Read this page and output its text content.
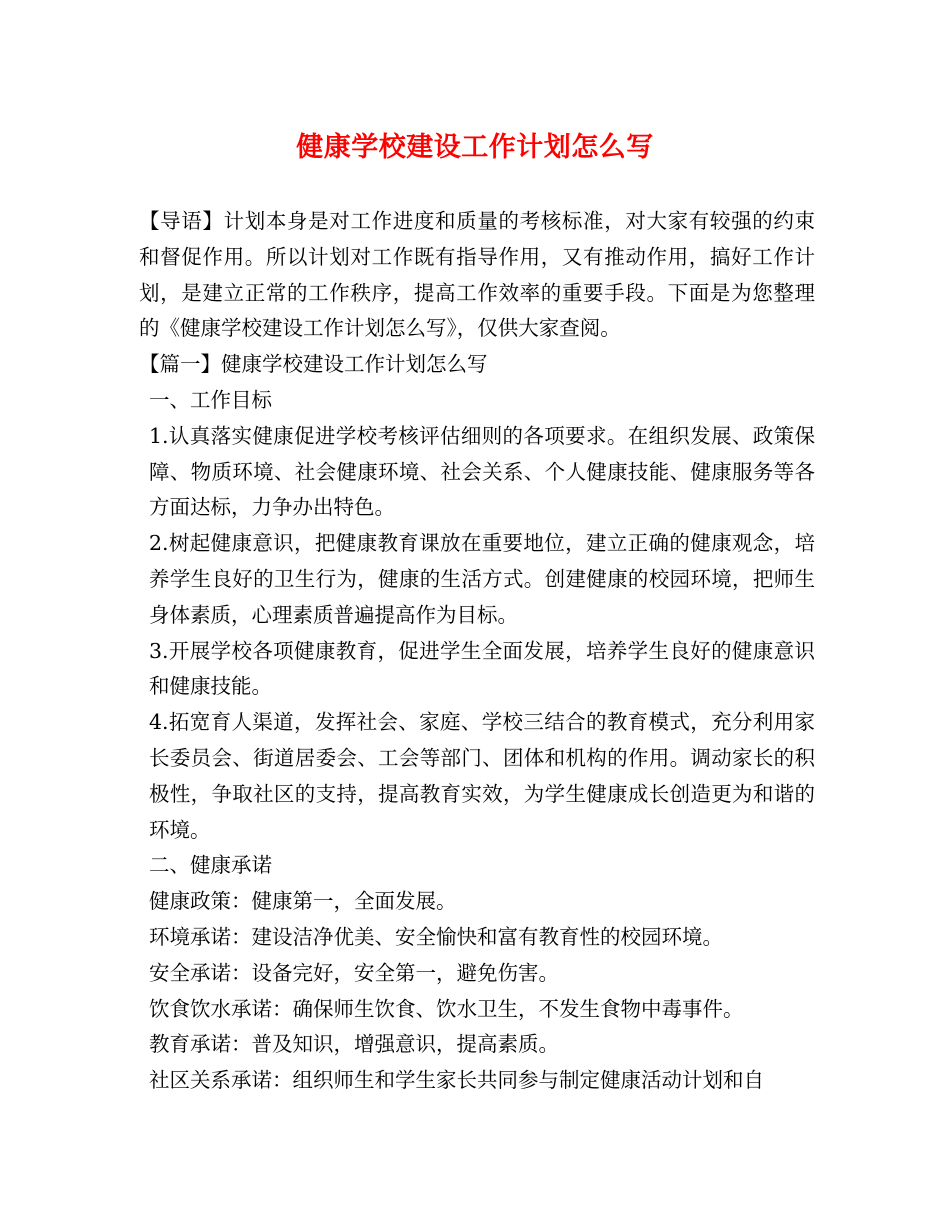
健康学校建设工作计划怎么写

【导语】计划本身是对工作进度和质量的考核标准，对大家有较强的约束和督促作用。所以计划对工作既有指导作用，又有推动作用，搞好工作计划，是建立正常的工作秩序，提高工作效率的重要手段。下面是为您整理的《健康学校建设工作计划怎么写》，仅供大家查阅。

【篇一】健康学校建设工作计划怎么写

一、工作目标

1.认真落实健康促进学校考核评估细则的各项要求。在组织发展、政策保障、物质环境、社会健康环境、社会关系、个人健康技能、健康服务等各方面达标，力争办出特色。

2.树起健康意识，把健康教育课放在重要地位，建立正确的健康观念，培养学生良好的卫生行为，健康的生活方式。创建健康的校园环境，把师生身体素质，心理素质普遍提高作为目标。

3.开展学校各项健康教育，促进学生全面发展，培养学生良好的健康意识和健康技能。

4.拓宽育人渠道，发挥社会、家庭、学校三结合的教育模式，充分利用家长委员会、街道居委会、工会等部门、团体和机构的作用。调动家长的积极性，争取社区的支持，提高教育实效，为学生健康成长创造更为和谐的环境。

二、健康承诺

健康政策：健康第一，全面发展。

环境承诺：建设洁净优美、安全愉快和富有教育性的校园环境。

安全承诺：设备完好，安全第一，避免伤害。

饮食饮水承诺：确保师生饮食、饮水卫生，不发生食物中毒事件。

教育承诺：普及知识，增强意识，提高素质。

社区关系承诺：组织师生和学生家长共同参与制定健康活动计划和自
